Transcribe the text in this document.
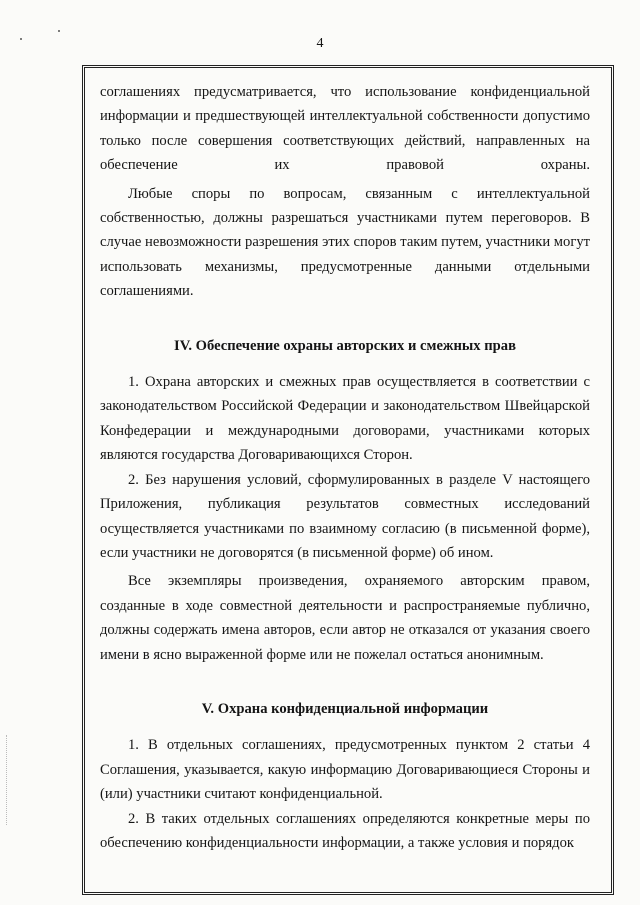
4

соглашениях предусматривается, что использование конфиденциальной информации и предшествующей интеллектуальной собственности допустимо только после совершения соответствующих действий, направленных на обеспечение их правовой охраны.

Любые споры по вопросам, связанным с интеллектуальной собственностью, должны разрешаться участниками путем переговоров. В случае невозможности разрешения этих споров таким путем, участники могут использовать механизмы, предусмотренные данными отдельными соглашениями.

IV. Обеспечение охраны авторских и смежных прав

1. Охрана авторских и смежных прав осуществляется в соответствии с законодательством Российской Федерации и законодательством Швейцарской Конфедерации и международными договорами, участниками которых являются государства Договаривающихся Сторон.

2. Без нарушения условий, сформулированных в разделе V настоящего Приложения, публикация результатов совместных исследований осуществляется участниками по взаимному согласию (в письменной форме), если участники не договорятся (в письменной форме) об ином.

Все экземпляры произведения, охраняемого авторским правом, созданные в ходе совместной деятельности и распространяемые публично, должны содержать имена авторов, если автор не отказался от указания своего имени в ясно выраженной форме или не пожелал остаться анонимным.

V. Охрана конфиденциальной информации

1. В отдельных соглашениях, предусмотренных пунктом 2 статьи 4 Соглашения, указывается, какую информацию Договаривающиеся Стороны и (или) участники считают конфиденциальной.

2. В таких отдельных соглашениях определяются конкретные меры по обеспечению конфиденциальности информации, а также условия и порядок
